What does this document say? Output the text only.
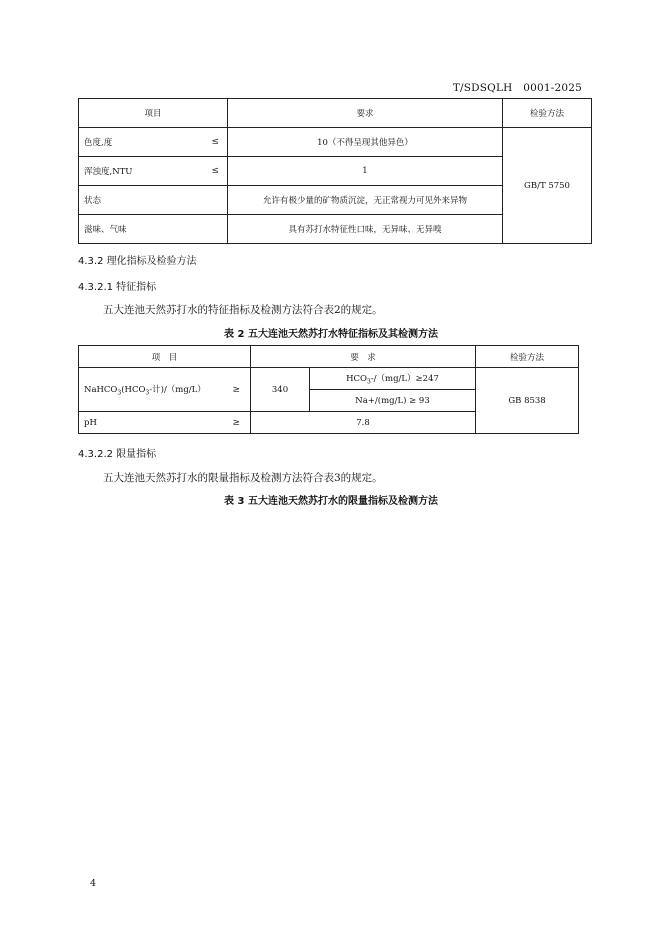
T/SDSQLH　0001-2025
项目	要求	检验方法
色度,度 ≤	10（不得呈现其他异色）	GB/T 5750
浑浊度,NTU ≤	1	
状态	允许有极少量的矿物质沉淀，无正常视力可见外来异物	
滋味、气味	具有苏打水特征性口味，无异味、无异嗅	
4.3.2 理化指标及检验方法
4.3.2.1 特征指标
五大连池天然苏打水的特征指标及检测方法符合表2的规定。
表 2 五大连池天然苏打水特征指标及其检测方法
项　目	要　求		检验方法
$NaHCO_3(HCO_3-$计)/（mg/L） ≥	340	$HCO_3-/(mg/L)\ge 247$	GB 8538
		Na+/(mg/L) ≥ 93	
pH ≥	7.8		
4.3.2.2 限量指标
五大连池天然苏打水的限量指标及检测方法符合表3的规定。
表 3 五大连池天然苏打水的限量指标及检测方法
4
